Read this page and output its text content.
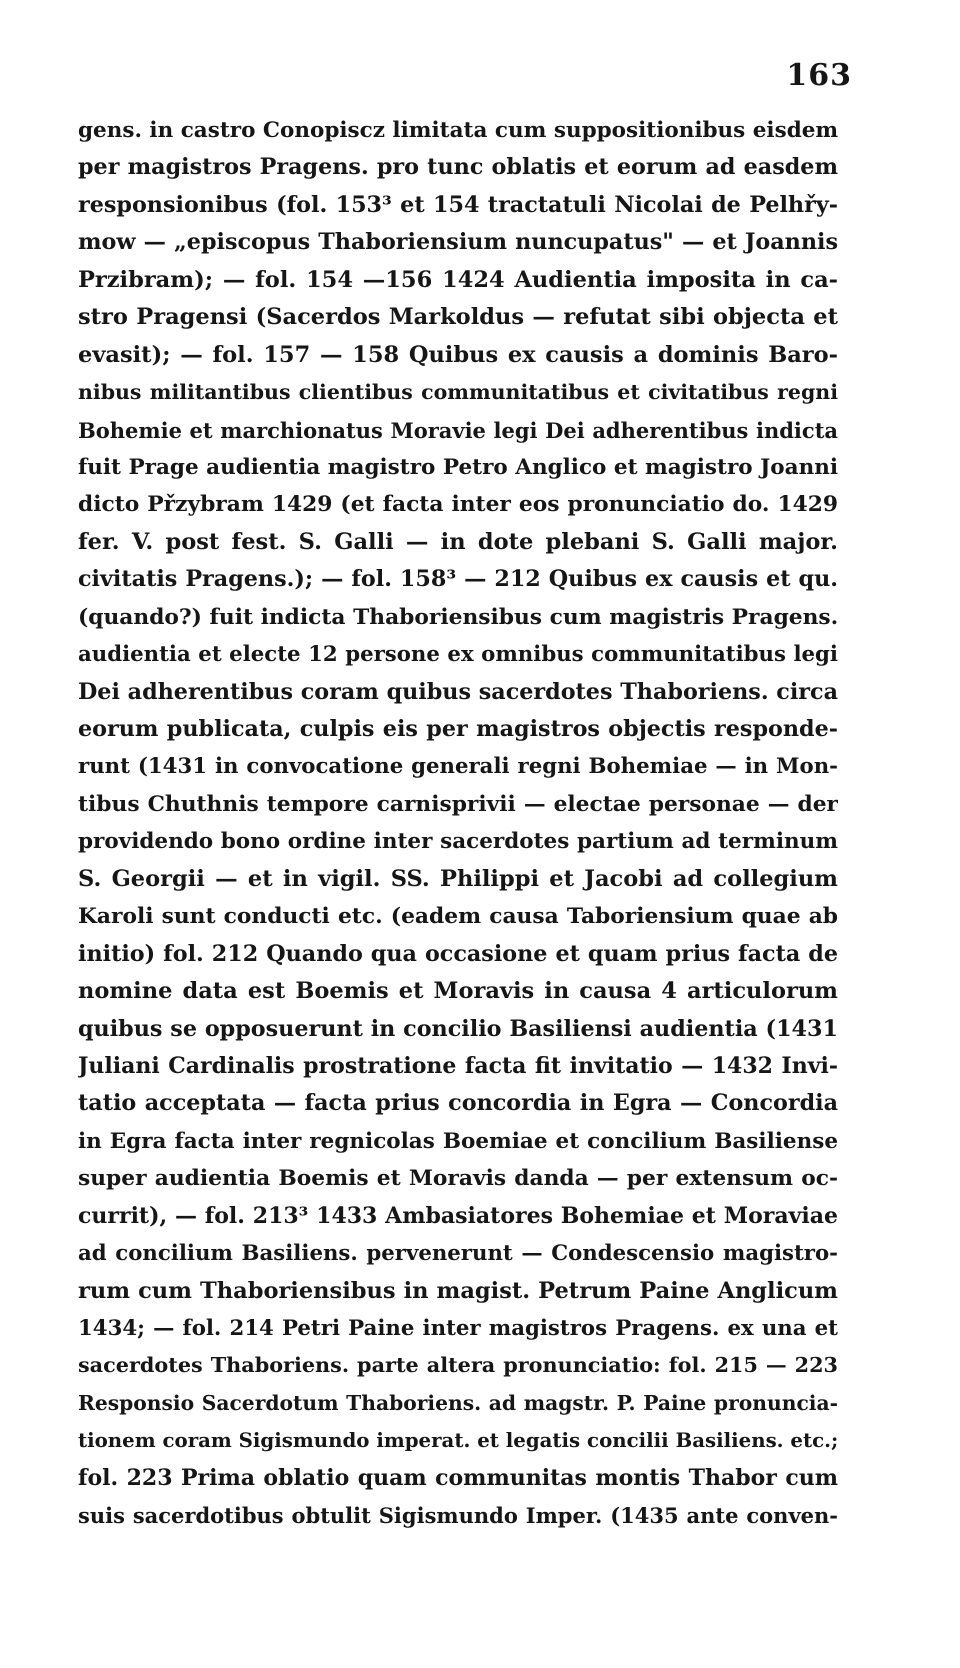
163
gens. in castro Conopiscz limitata cum suppositionibus eisdem
per magistros Pragens. pro tunc oblatis et eorum ad easdem
responsionibus (fol. 153³ et 154 tractatuli Nicolai de Pelhřy-
mow — „episcopus Thaboriensium nuncupatus" — et Joannis
Przibram); — fol. 154 —156 1424 Audientia imposita in ca-
stro Pragensi (Sacerdos Markoldus — refutat sibi objecta et
evasit); — fol. 157 — 158 Quibus ex causis a dominis Baro-
nibus militantibus clientibus communitatibus et civitatibus regni
Bohemie et marchionatus Moravie legi Dei adherentibus indicta
fuit Prage audientia magistro Petro Anglico et magistro Joanni
dicto Přzybram 1429 (et facta inter eos pronunciatio do. 1429
fer. V. post fest. S. Galli — in dote plebani S. Galli major.
civitatis Pragens.); — fol. 158³ — 212 Quibus ex causis et qu.
(quando?) fuit indicta Thaboriensibus cum magistris Pragens.
audientia et electe 12 persone ex omnibus communitatibus legi
Dei adherentibus coram quibus sacerdotes Thaboriens. circa
eorum publicata, culpis eis per magistros objectis responde-
runt (1431 in convocatione generali regni Bohemiae — in Mon-
tibus Chuthnis tempore carnisprivii — electae personae — der
providendo bono ordine inter sacerdotes partium ad terminum
S. Georgii — et in vigil. SS. Philippi et Jacobi ad collegium
Karoli sunt conducti etc. (eadem causa Taboriensium quae ab
initio) fol. 212 Quando qua occasione et quam prius facta de
nomine data est Boemis et Moravis in causa 4 articulorum
quibus se opposuerunt in concilio Basiliensi audientia (1431
Juliani Cardinalis prostratione facta fit invitatio — 1432 Invi-
tatio acceptata — facta prius concordia in Egra — Concordia
in Egra facta inter regnicolas Boemiae et concilium Basiliense
super audientia Boemis et Moravis danda — per extensum oc-
currit), — fol. 213³ 1433 Ambasiatores Bohemiae et Moraviae
ad concilium Basiliens. pervenerunt — Condescensio magistro-
rum cum Thaboriensibus in magist. Petrum Paine Anglicum
1434; — fol. 214 Petri Paine inter magistros Pragens. ex una et
sacerdotes Thaboriens. parte altera pronunciatio: fol. 215 — 223
Responsio Sacerdotum Thaboriens. ad magstr. P. Paine pronuncia-
tionem coram Sigismundo imperat. et legatis concilii Basiliens. etc.;
fol. 223 Prima oblatio quam communitas montis Thabor cum
suis sacerdotibus obtulit Sigismundo Imper. (1435 ante conven-
